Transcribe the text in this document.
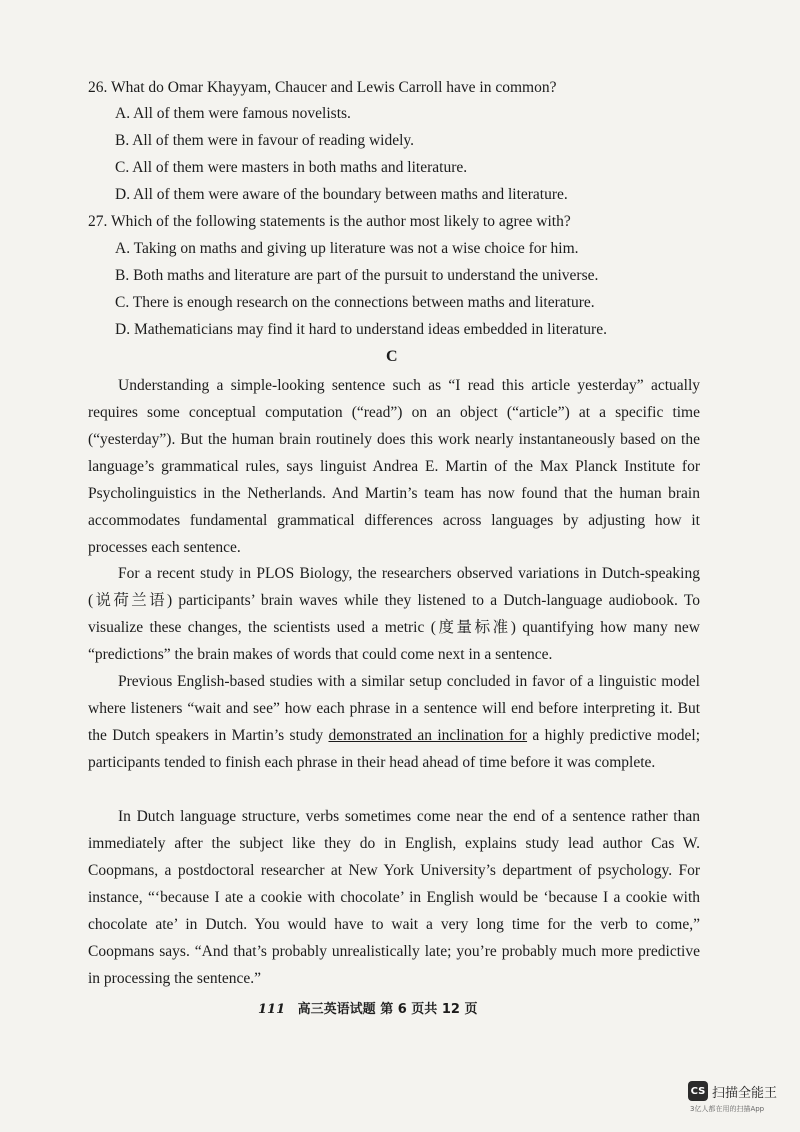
26. What do Omar Khayyam, Chaucer and Lewis Carroll have in common?
A. All of them were famous novelists.
B. All of them were in favour of reading widely.
C. All of them were masters in both maths and literature.
D. All of them were aware of the boundary between maths and literature.
27. Which of the following statements is the author most likely to agree with?
A. Taking on maths and giving up literature was not a wise choice for him.
B. Both maths and literature are part of the pursuit to understand the universe.
C. There is enough research on the connections between maths and literature.
D. Mathematicians may find it hard to understand ideas embedded in literature.
C
Understanding a simple-looking sentence such as “I read this article yesterday” actually requires some conceptual computation (“read”) on an object (“article”) at a specific time (“yesterday”). But the human brain routinely does this work nearly instantaneously based on the language’s grammatical rules, says linguist Andrea E. Martin of the Max Planck Institute for Psycholinguistics in the Netherlands. And Martin’s team has now found that the human brain accommodates fundamental grammatical differences across languages by adjusting how it processes each sentence.
For a recent study in PLOS Biology, the researchers observed variations in Dutch-speaking (说荷兰语) participants’ brain waves while they listened to a Dutch-language audiobook. To visualize these changes, the scientists used a metric (度量标准) quantifying how many new “predictions” the brain makes of words that could come next in a sentence.
Previous English-based studies with a similar setup concluded in favor of a linguistic model where listeners “wait and see” how each phrase in a sentence will end before interpreting it. But the Dutch speakers in Martin’s study demonstrated an inclination for a highly predictive model; participants tended to finish each phrase in their head ahead of time before it was complete.
In Dutch language structure, verbs sometimes come near the end of a sentence rather than immediately after the subject like they do in English, explains study lead author Cas W. Coopmans, a postdoctoral researcher at New York University’s department of psychology. For instance, “‘because I ate a cookie with chocolate’ in English would be ‘because I a cookie with chocolate ate’ in Dutch. You would have to wait a very long time for the verb to come,” Coopmans says. “And that’s probably unrealistically late; you’re probably much more predictive in processing the sentence.”
111 高三英语试题 第 6 页共 12 页
CS 扫描全能王
3亿人都在用的扫描App
